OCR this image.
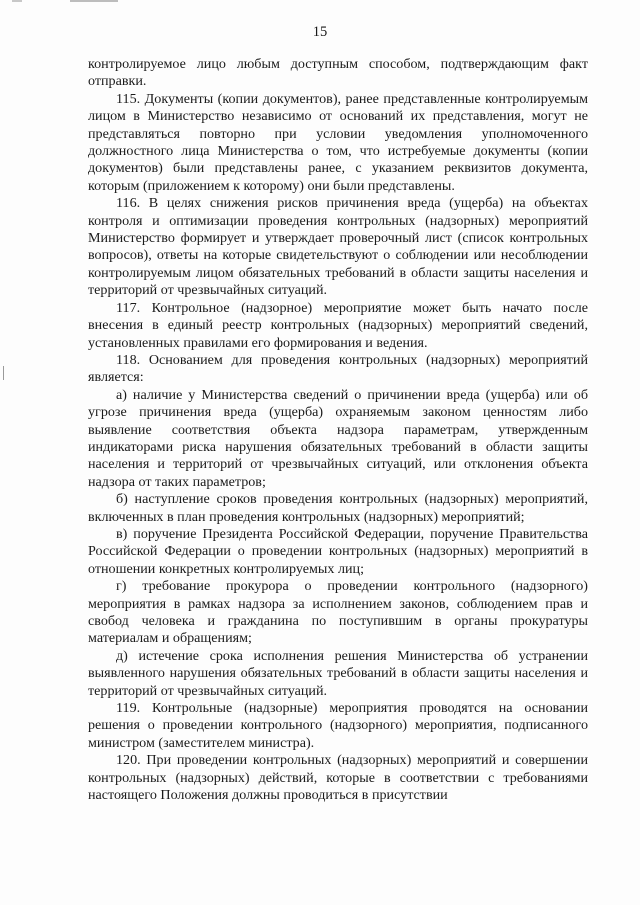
15

контролируемое лицо любым доступным способом, подтверждающим факт отправки.

115. Документы (копии документов), ранее представленные контролируемым лицом в Министерство независимо от оснований их представления, могут не представляться повторно при условии уведомления уполномоченного должностного лица Министерства о том, что истребуемые документы (копии документов) были представлены ранее, с указанием реквизитов документа, которым (приложением к которому) они были представлены.

116. В целях снижения рисков причинения вреда (ущерба) на объектах контроля и оптимизации проведения контрольных (надзорных) мероприятий Министерство формирует и утверждает проверочный лист (список контрольных вопросов), ответы на которые свидетельствуют о соблюдении или несоблюдении контролируемым лицом обязательных требований в области защиты населения и территорий от чрезвычайных ситуаций.

117. Контрольное (надзорное) мероприятие может быть начато после внесения в единый реестр контрольных (надзорных) мероприятий сведений, установленных правилами его формирования и ведения.

118. Основанием для проведения контрольных (надзорных) мероприятий является:

а) наличие у Министерства сведений о причинении вреда (ущерба) или об угрозе причинения вреда (ущерба) охраняемым законом ценностям либо выявление соответствия объекта надзора параметрам, утвержденным индикаторами риска нарушения обязательных требований в области защиты населения и территорий от чрезвычайных ситуаций, или отклонения объекта надзора от таких параметров;

б) наступление сроков проведения контрольных (надзорных) мероприятий, включенных в план проведения контрольных (надзорных) мероприятий;

в) поручение Президента Российской Федерации, поручение Правительства Российской Федерации о проведении контрольных (надзорных) мероприятий в отношении конкретных контролируемых лиц;

г) требование прокурора о проведении контрольного (надзорного) мероприятия в рамках надзора за исполнением законов, соблюдением прав и свобод человека и гражданина по поступившим в органы прокуратуры материалам и обращениям;

д) истечение срока исполнения решения Министерства об устранении выявленного нарушения обязательных требований в области защиты населения и территорий от чрезвычайных ситуаций.

119. Контрольные (надзорные) мероприятия проводятся на основании решения о проведении контрольного (надзорного) мероприятия, подписанного министром (заместителем министра).

120. При проведении контрольных (надзорных) мероприятий и совершении контрольных (надзорных) действий, которые в соответствии с требованиями настоящего Положения должны проводиться в присутствии
